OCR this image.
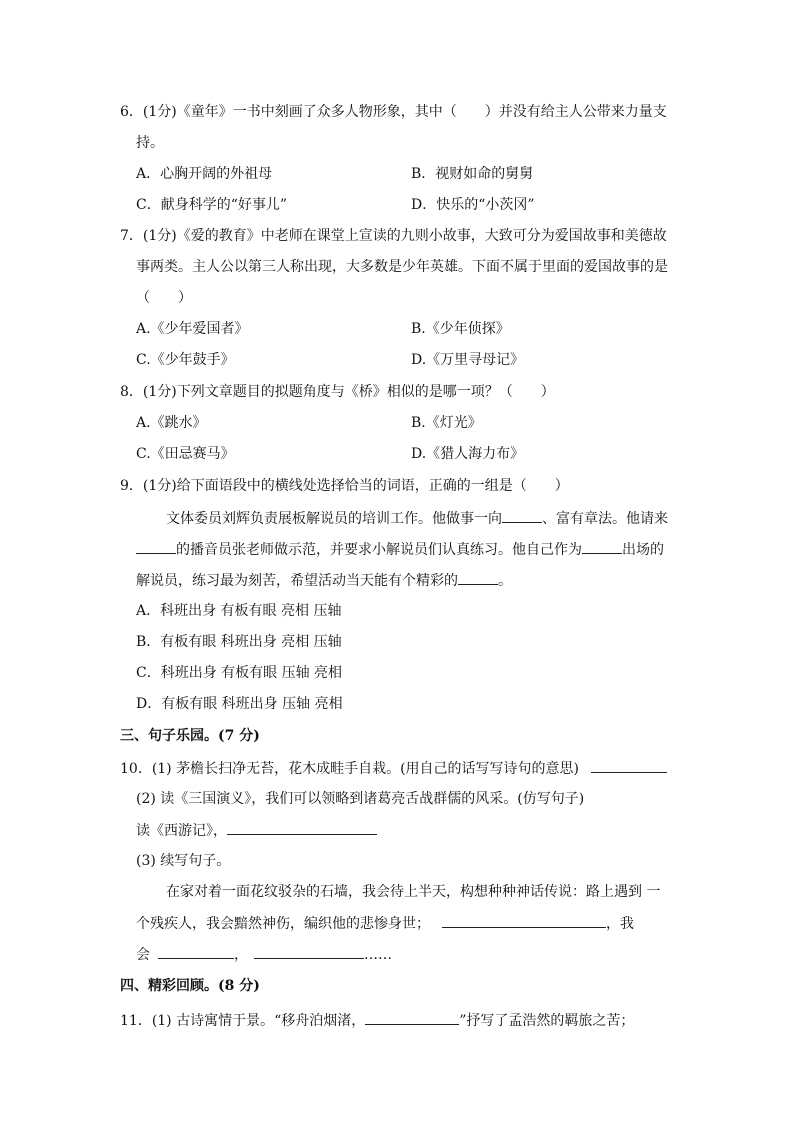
6．(1分)《童年》一书中刻画了众多人物形象，其中（　　）并没有给主人公带来力量支
持。
A．心胸开阔的外祖母	B．视财如命的舅舅
C．献身科学的“好事儿”	D．快乐的“小茨冈”
7．(1分)《爱的教育》中老师在课堂上宣读的九则小故事，大致可分为爱国故事和美德故
事两类。主人公以第三人称出现，大多数是少年英雄。下面不属于里面的爱国故事的是
（　　）
A.《少年爱国者》	B.《少年侦探》
C.《少年鼓手》	D.《万里寻母记》
8．(1分)下列文章题目的拟题角度与《桥》相似的是哪一项？（　　）
A.《跳水》	B.《灯光》
C.《田忌赛马》	D.《猎人海力布》
9．(1分)给下面语段中的横线处选择恰当的词语，正确的一组是（　　）
文体委员刘辉负责展板解说员的培训工作。他做事一向	、富有章法。他请来
的播音员张老师做示范，并要求小解说员们认真练习。他自己作为	出场的
解说员，练习最为刻苦，希望活动当天能有个精彩的	。
A．科班出身 有板有眼 亮相 压轴
B．有板有眼 科班出身 亮相 压轴
C．科班出身 有板有眼 压轴 亮相
D．有板有眼 科班出身 压轴 亮相
三、句子乐园。(7 分)
10．(1) 茅檐长扫净无苔，花木成畦手自栽。(用自己的话写写诗句的意思)
(2) 读《三国演义》，我们可以领略到诸葛亮舌战群儒的风采。(仿写句子)
读《西游记》，
(3) 续写句子。
在家对着一面花纹驳杂的石墙，我会待上半天，构想种种神话传说：路上遇到 一
个残疾人，我会黯然神伤，编织他的悲惨身世；	，我
会	，	……
四、精彩回顾。(8 分)
11．(1) 古诗寓情于景。“移舟泊烟渚，	”抒写了孟浩然的羁旅之苦；
